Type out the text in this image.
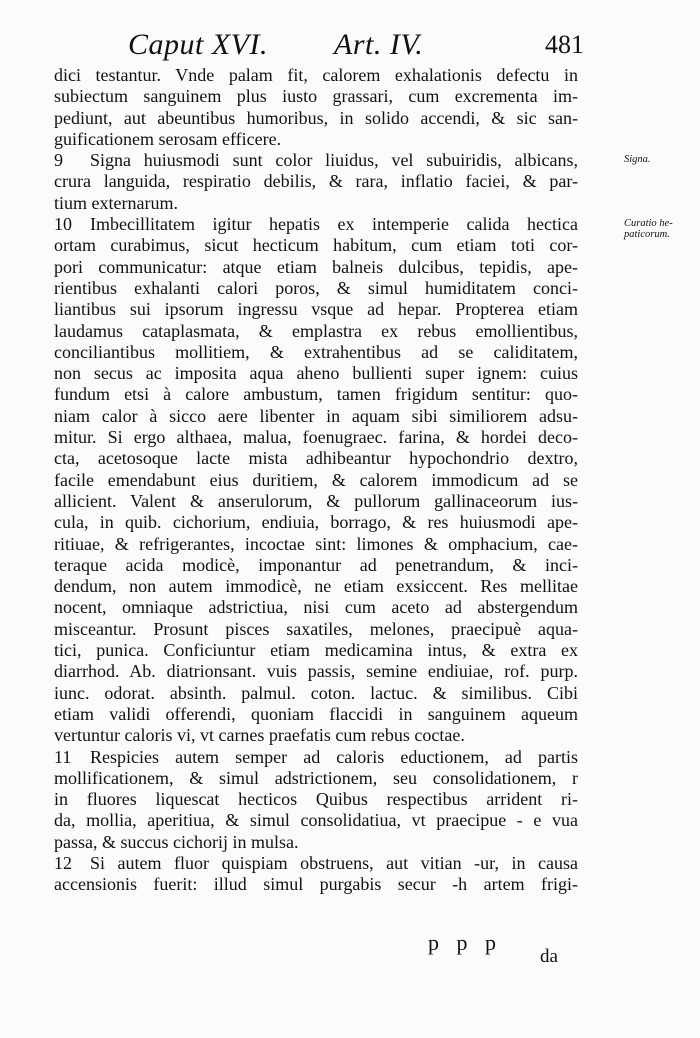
Caput XVI. Art. IV.	481
dici testantur. Vnde palam fit, calorem exhalationis defectu in
subiectum sanguinem plus iusto grassari, cum excrementa im-
pediunt, aut abeuntibus humoribus, in solido accendi, & sic san-
guificationem serosam efficere.
9 Signa huiusmodi sunt color liuidus, vel subuiridis, albicans,
crura languida, respiratio debilis, & rara, inflatio faciei, & par-
tium externarum.
10 Imbecillitatem igitur hepatis ex intemperie calida hectica
ortam curabimus, sicut hecticum habitum, cum etiam toti cor-
pori communicatur: atque etiam balneis dulcibus, tepidis, ape-
rientibus exhalanti calori poros, & simul humiditatem conci-
liantibus sui ipsorum ingressu vsque ad hepar. Propterea etiam
laudamus cataplasmata, & emplastra ex rebus emollientibus,
conciliantibus mollitiem, & extrahentibus ad se caliditatem,
non secus ac imposita aqua aheno bullienti super ignem: cuius
fundum etsi à calore ambustum, tamen frigidum sentitur: quo-
niam calor à sicco aere libenter in aquam sibi similiorem adsu-
mitur. Si ergo althaea, malua, foenugraec. farina, & hordei deco-
cta, acetosoque lacte mista adhibeantur hypochondrio dextro,
facile emendabunt eius duritiem, & calorem immodicum ad se
allicient. Valent & anserulorum, & pullorum gallinaceorum ius-
cula, in quib. cichorium, endiuia, borrago, & res huiusmodi ape-
ritiuae, & refrigerantes, incoctae sint: limones & omphacium, cae-
teraque acida modicè, imponantur ad penetrandum, & inci-
dendum, non autem immodicè, ne etiam exsiccent. Res mellitae
nocent, omniaque adstrictiua, nisi cum aceto ad abstergendum
misceantur. Prosunt pisces saxatiles, melones, praecipuè aqua-
tici, punica. Conficiuntur etiam medicamina intus, & extra ex
diarrhod. Ab. diatrionsant. vuis passis, semine endiuiae, rof. purp.
iunc. odorat. absinth. palmul. coton. lactuc. & similibus. Cibi
etiam validi offerendi, quoniam flaccidi in sanguinem aqueum
vertuntur caloris vi, vt carnes praefatis cum rebus coctae.
11 Respicies autem semper ad caloris eductionem, ad partis
mollificationem, & simul adstrictionem, seu consolidationem, r
in fluores liquescat hecticos Quibus respectibus arrident ri-
da, mollia, aperitiua, & simul consolidatiua, vt praecipue - e vua
passa, & succus cichorij in mulsa.
12 Si autem fluor quispiam obstruens, aut vitian -ur, in causa
accensionis fuerit: illud simul purgabis secur -h artem frigi-
Signa.
Curatio he-
paticorum.
p p p
da
